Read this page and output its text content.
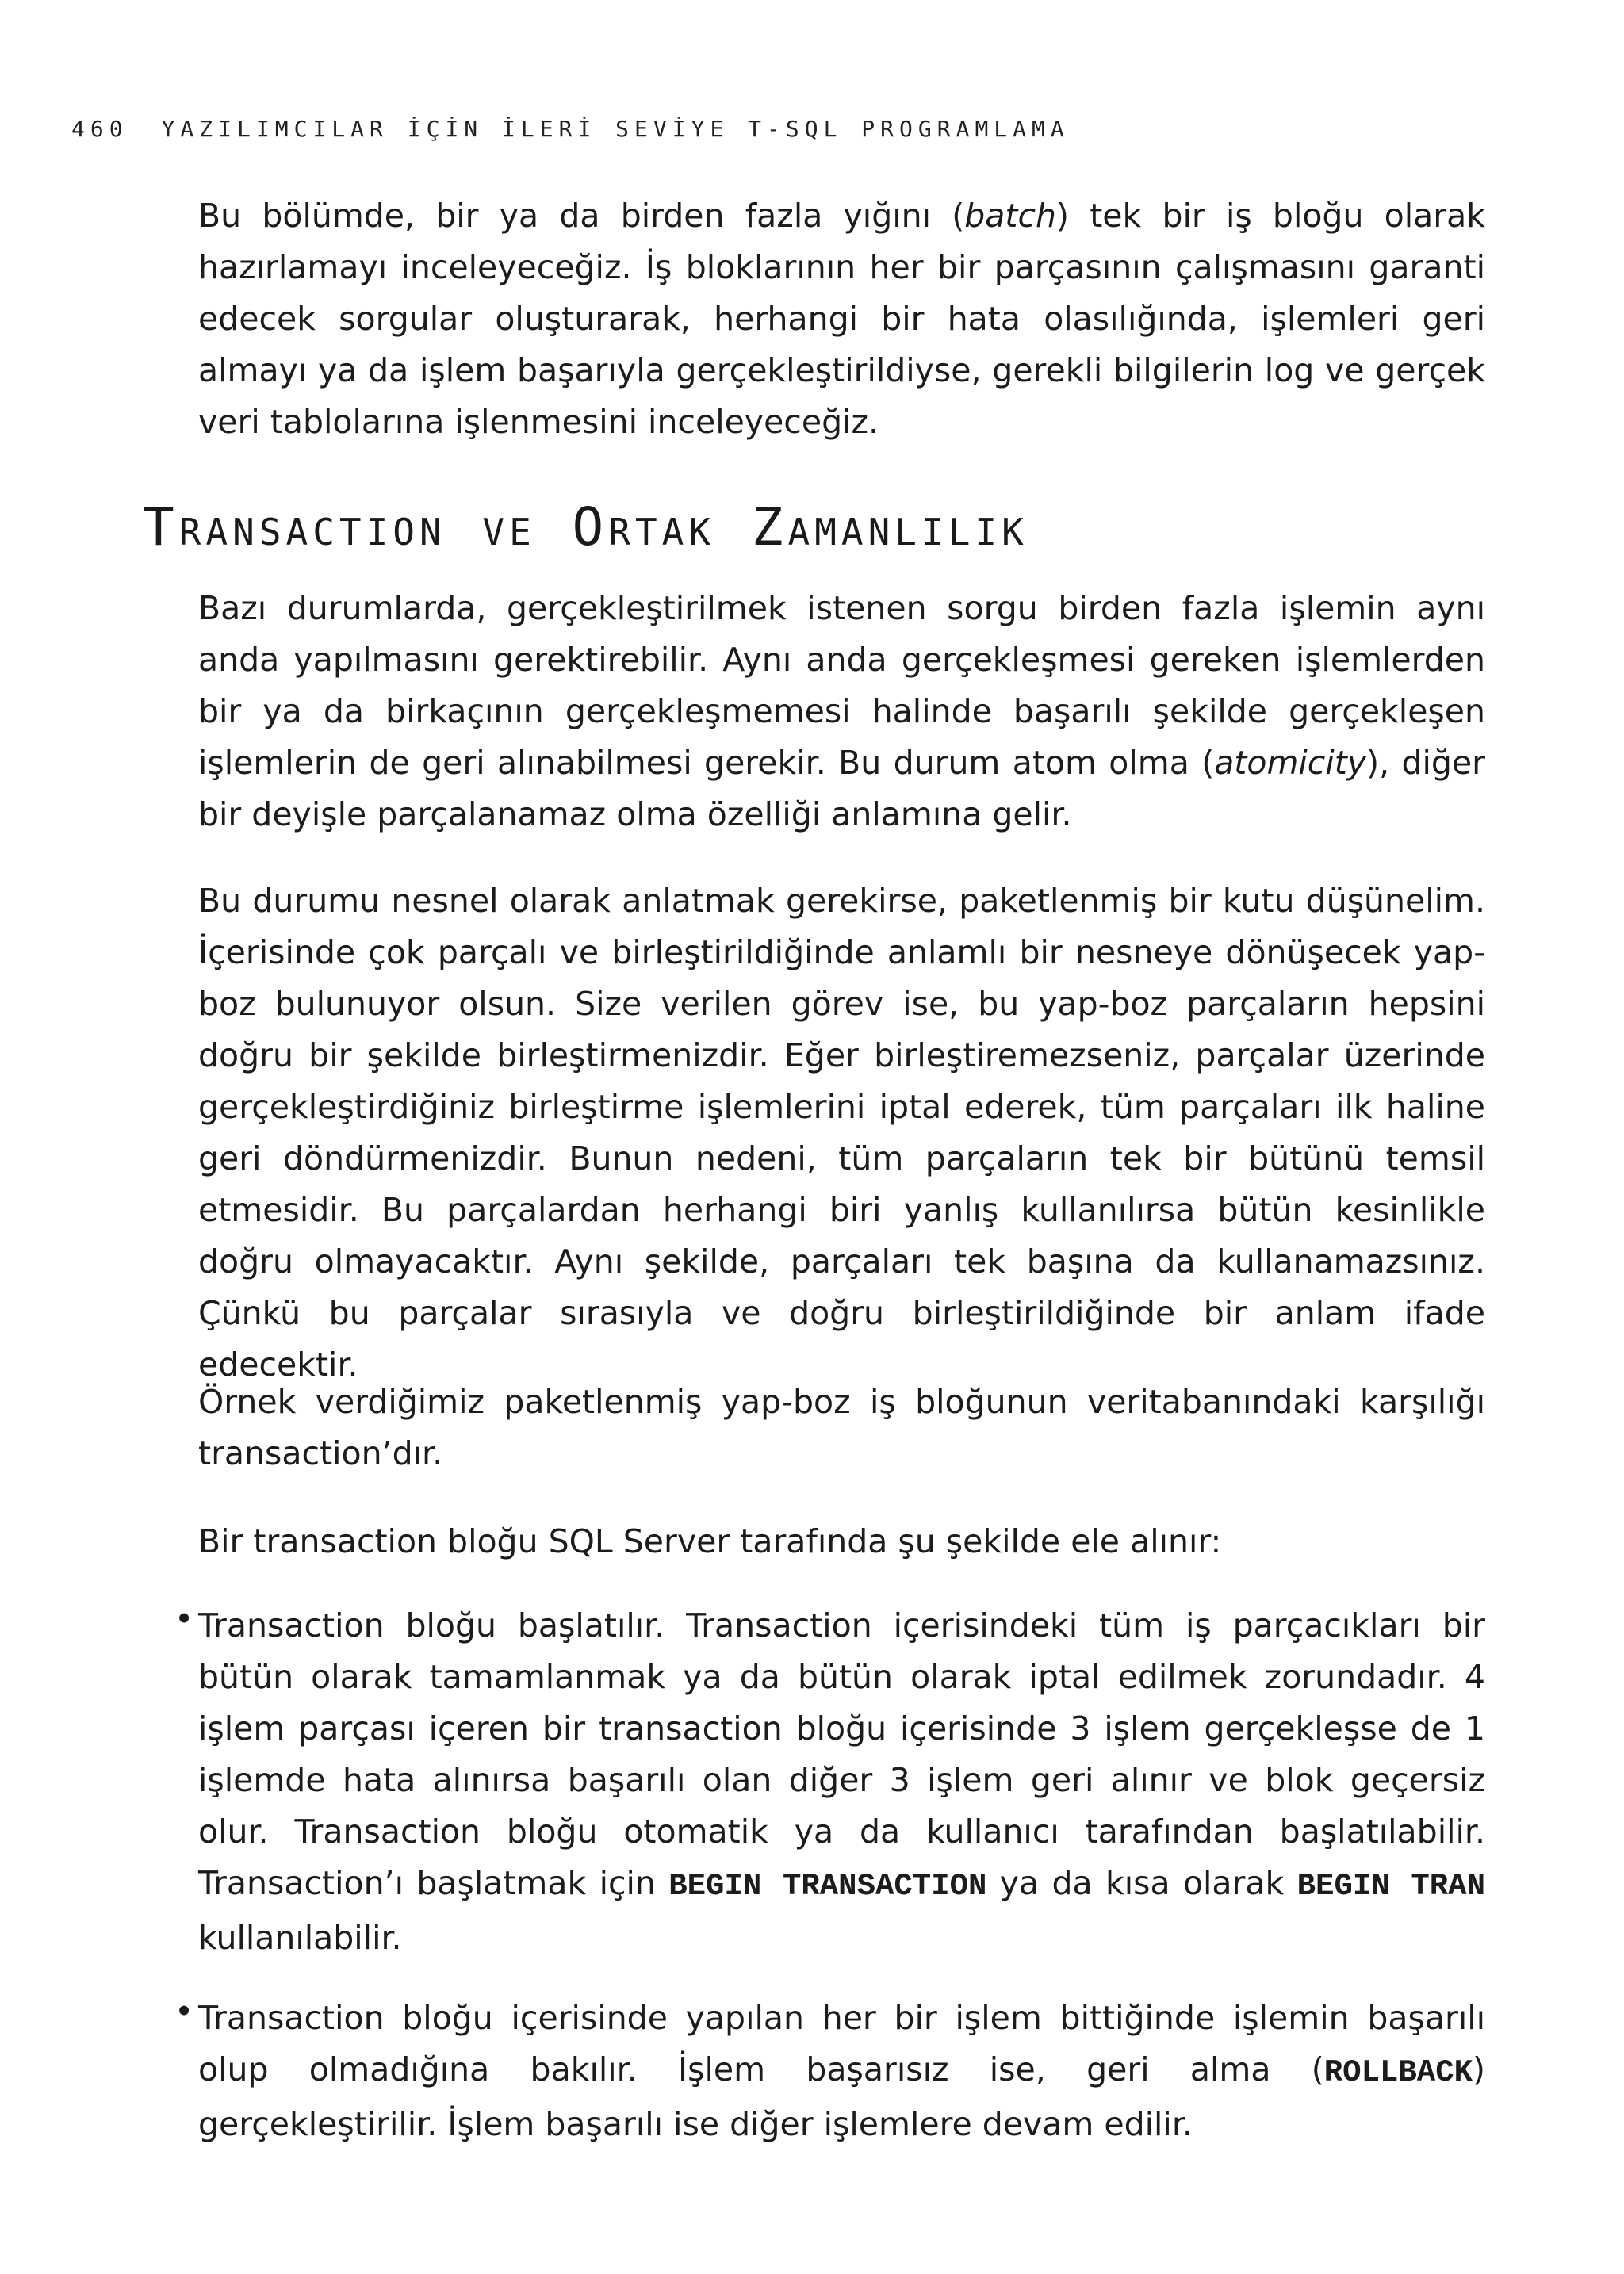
460 YAZILIMCILAR İÇİN İLERİ SEVİYE T-SQL PROGRAMLAMA

Bu bölümde, bir ya da birden fazla yığını (batch) tek bir iş bloğu olarak hazırlamayı inceleyeceğiz. İş bloklarının her bir parçasının çalışmasını garanti edecek sorgular oluşturarak, herhangi bir hata olasılığında, işlemleri geri almayı ya da işlem başarıyla gerçekleştirildiyse, gerekli bilgilerin log ve gerçek veri tablolarına işlenmesini inceleyeceğiz.

Transaction ve Ortak Zamanlılık

Bazı durumlarda, gerçekleştirilmek istenen sorgu birden fazla işlemin aynı anda yapılmasını gerektirebilir. Aynı anda gerçekleşmesi gereken işlemlerden bir ya da birkaçının gerçekleşmemesi halinde başarılı şekilde gerçekleşen işlemlerin de geri alınabilmesi gerekir. Bu durum atom olma (atomicity), diğer bir deyişle parçalanamaz olma özelliği anlamına gelir.

Bu durumu nesnel olarak anlatmak gerekirse, paketlenmiş bir kutu düşünelim. İçerisinde çok parçalı ve birleştirildiğinde anlamlı bir nesneye dönüşecek yap-boz bulunuyor olsun. Size verilen görev ise, bu yap-boz parçaların hepsini doğru bir şekilde birleştirmenizdir. Eğer birleştiremezseniz, parçalar üzerinde gerçekleştirdiğiniz birleştirme işlemlerini iptal ederek, tüm parçaları ilk haline geri döndürmenizdir. Bunun nedeni, tüm parçaların tek bir bütünü temsil etmesidir. Bu parçalardan herhangi biri yanlış kullanılırsa bütün kesinlikle doğru olmayacaktır. Aynı şekilde, parçaları tek başına da kullanamazsınız. Çünkü bu parçalar sırasıyla ve doğru birleştirildiğinde bir anlam ifade edecektir.

Örnek verdiğimiz paketlenmiş yap-boz iş bloğunun veritabanındaki karşılığı transaction’dır.

Bir transaction bloğu SQL Server tarafında şu şekilde ele alınır:

• Transaction bloğu başlatılır. Transaction içerisindeki tüm iş parçacıkları bir bütün olarak tamamlanmak ya da bütün olarak iptal edilmek zorundadır. 4 işlem parçası içeren bir transaction bloğu içerisinde 3 işlem gerçekleşse de 1 işlemde hata alınırsa başarılı olan diğer 3 işlem geri alınır ve blok geçersiz olur. Transaction bloğu otomatik ya da kullanıcı tarafından başlatılabilir. Transaction’ı başlatmak için BEGIN TRANSACTION ya da kısa olarak BEGIN TRAN kullanılabilir.

• Transaction bloğu içerisinde yapılan her bir işlem bittiğinde işlemin başarılı olup olmadığına bakılır. İşlem başarısız ise, geri alma (ROLLBACK) gerçekleştirilir. İşlem başarılı ise diğer işlemlere devam edilir.
